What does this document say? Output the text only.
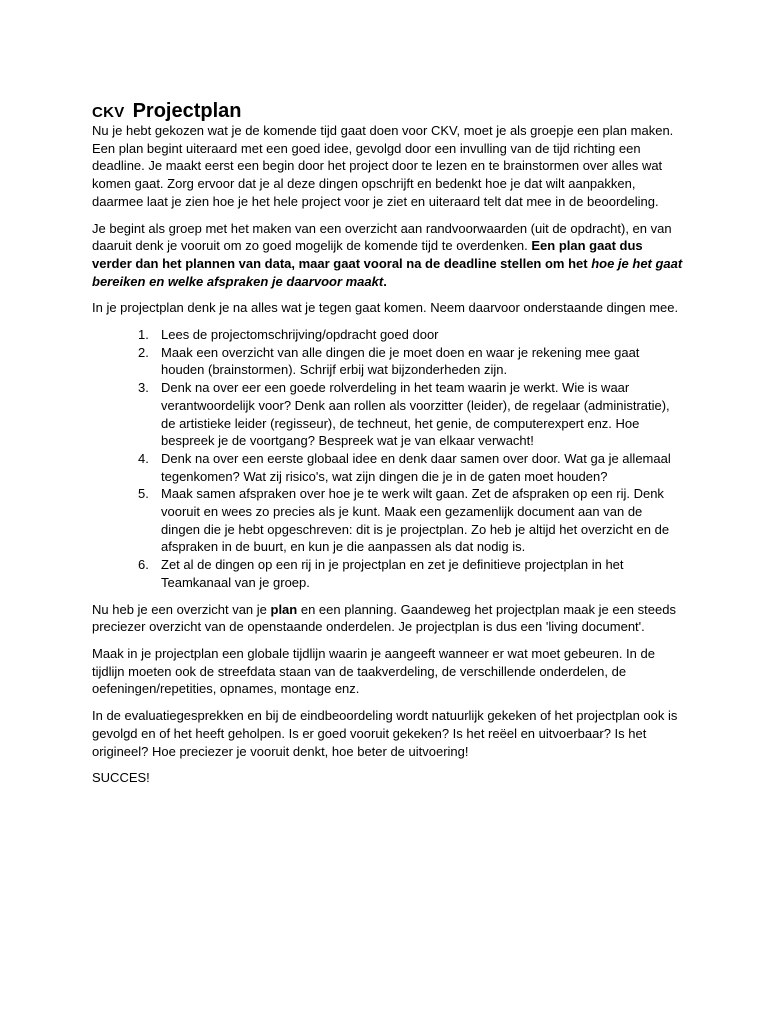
CKV Projectplan

Nu je hebt gekozen wat je de komende tijd gaat doen voor CKV, moet je als groepje een plan maken. Een plan begint uiteraard met een goed idee, gevolgd door een invulling van de tijd richting een deadline. Je maakt eerst een begin door het project door te lezen en te brainstormen over alles wat komen gaat. Zorg ervoor dat je al deze dingen opschrijft en bedenkt hoe je dat wilt aanpakken, daarmee laat je zien hoe je het hele project voor je ziet en uiteraard telt dat mee in de beoordeling.

Je begint als groep met het maken van een overzicht aan randvoorwaarden (uit de opdracht), en van daaruit denk je vooruit om zo goed mogelijk de komende tijd te overdenken. Een plan gaat dus verder dan het plannen van data, maar gaat vooral na de deadline stellen om het hoe je het gaat bereiken en welke afspraken je daarvoor maakt.

In je projectplan denk je na alles wat je tegen gaat komen. Neem daarvoor onderstaande dingen mee.

1. Lees de projectomschrijving/opdracht goed door
2. Maak een overzicht van alle dingen die je moet doen en waar je rekening mee gaat houden (brainstormen). Schrijf erbij wat bijzonderheden zijn.
3. Denk na over eer een goede rolverdeling in het team waarin je werkt. Wie is waar verantwoordelijk voor? Denk aan rollen als voorzitter (leider), de regelaar (administratie), de artistieke leider (regisseur), de techneut, het genie, de computerexpert enz. Hoe bespreek je de voortgang? Bespreek wat je van elkaar verwacht!
4. Denk na over een eerste globaal idee en denk daar samen over door. Wat ga je allemaal tegenkomen? Wat zij risico's, wat zijn dingen die je in de gaten moet houden?
5. Maak samen afspraken over hoe je te werk wilt gaan. Zet de afspraken op een rij. Denk vooruit en wees zo precies als je kunt. Maak een gezamenlijk document aan van de dingen die je hebt opgeschreven: dit is je projectplan. Zo heb je altijd het overzicht en de afspraken in de buurt, en kun je die aanpassen als dat nodig is.
6. Zet al de dingen op een rij in je projectplan en zet je definitieve projectplan in het Teamkanaal van je groep.

Nu heb je een overzicht van je plan en een planning. Gaandeweg het projectplan maak je een steeds preciezer overzicht van de openstaande onderdelen. Je projectplan is dus een 'living document'.

Maak in je projectplan een globale tijdlijn waarin je aangeeft wanneer er wat moet gebeuren. In de tijdlijn moeten ook de streefdata staan van de taakverdeling, de verschillende onderdelen, de oefeningen/repetities, opnames, montage enz.

In de evaluatiegesprekken en bij de eindbeoordeling wordt natuurlijk gekeken of het projectplan ook is gevolgd en of het heeft geholpen. Is er goed vooruit gekeken? Is het reëel en uitvoerbaar? Is het origineel? Hoe preciezer je vooruit denkt, hoe beter de uitvoering!

SUCCES!
